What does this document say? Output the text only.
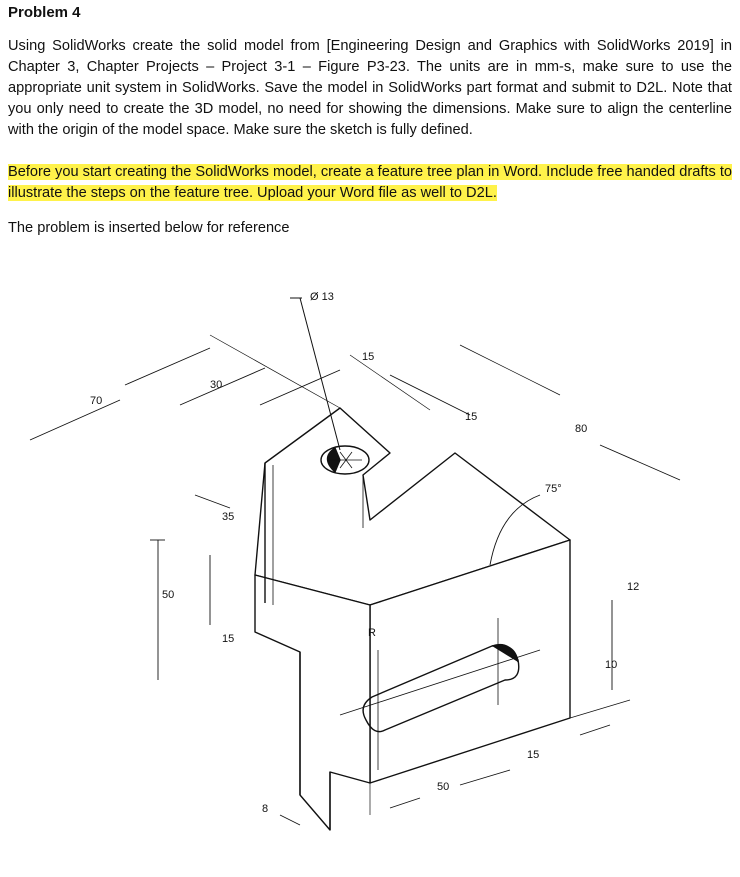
Problem 4
Using SolidWorks create the solid model from [Engineering Design and Graphics with SolidWorks 2019] in Chapter 3, Chapter Projects – Project 3-1 – Figure P3-23. The units are in mm-s, make sure to use the appropriate unit system in SolidWorks. Save the model in SolidWorks part format and submit to D2L. Note that you only need to create the 3D model, no need for showing the dimensions. Make sure to align the centerline with the origin of the model space. Make sure the sketch is fully defined.
Before you start creating the SolidWorks model, create a feature tree plan in Word. Include free handed drafts to illustrate the steps on the feature tree. Upload your Word file as well to D2L.
The problem is inserted below for reference
Ø 13
15
30
70
15
80
75°
35
50
15
12
R
10
15
50
8
